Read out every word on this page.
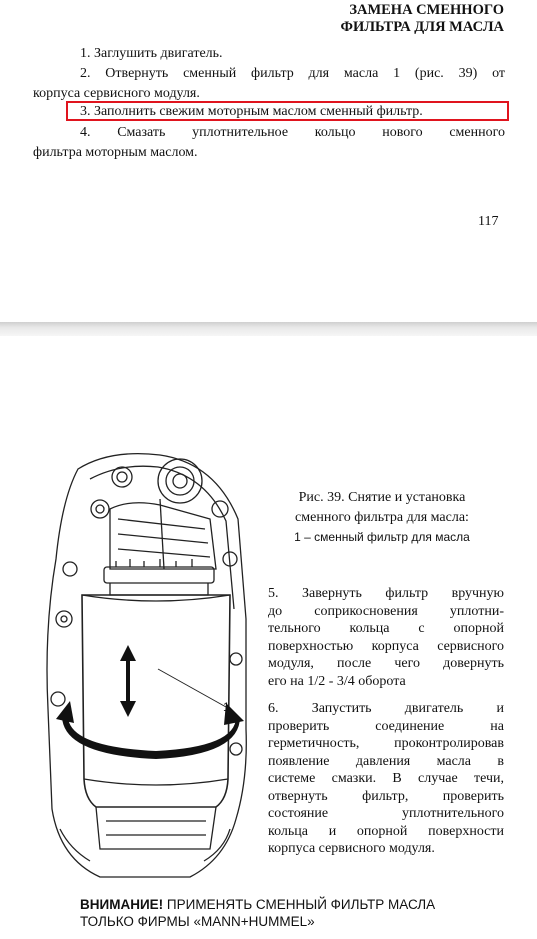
ЗАМЕНА СМЕННОГО
ФИЛЬТРА ДЛЯ МАСЛА
1. Заглушить двигатель.
2. Отвернуть сменный фильтр для масла 1 (рис. 39) от
корпуса сервисного модуля.
3. Заполнить свежим моторным маслом сменный фильтр.
4. Смазать уплотнительное кольцо нового сменного
фильтра моторным маслом.
117
1
Рис. 39. Снятие и установка
сменного фильтра для масла:
1 – сменный фильтр для масла
5. Завернуть фильтр вручную
до соприкосновения уплотни-
тельного кольца с опорной
поверхностью корпуса сервисного
модуля, после чего довернуть
его на 1/2 - 3/4 оборота
6. Запустить двигатель и
проверить соединение на
герметичность, проконтролировав
появление давления масла в
системе смазки. В случае течи,
отвернуть фильтр, проверить
состояние уплотнительного
кольца и опорной поверхности
корпуса сервисного модуля.
ВНИМАНИЕ! ПРИМЕНЯТЬ СМЕННЫЙ ФИЛЬТР МАСЛА
ТОЛЬКО ФИРМЫ «MANN+HUMMEL»
